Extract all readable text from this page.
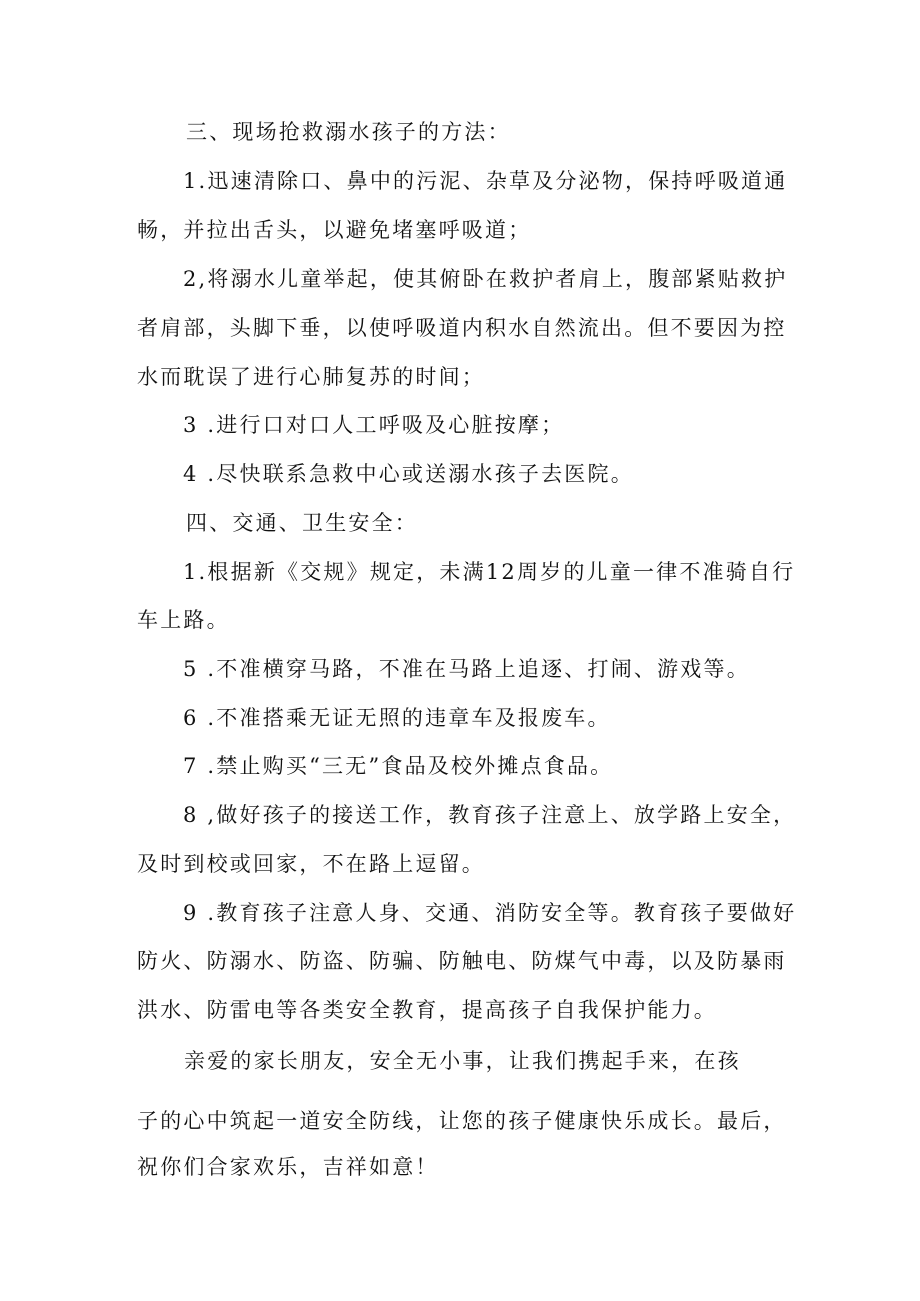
三、现场抢救溺水孩子的方法：
1.迅速清除口、鼻中的污泥、杂草及分泌物，保持呼吸道通
畅，并拉出舌头，以避免堵塞呼吸道；
2,将溺水儿童举起，使其俯卧在救护者肩上，腹部紧贴救护
者肩部，头脚下垂，以使呼吸道内积水自然流出。但不要因为控
水而耽误了进行心肺复苏的时间；
3 .进行口对口人工呼吸及心脏按摩；
4 .尽快联系急救中心或送溺水孩子去医院。
四、交通、卫生安全：
1.根据新《交规》规定，未满12周岁的儿童一律不准骑自行
车上路。
5 .不准横穿马路，不准在马路上追逐、打闹、游戏等。
6 .不准搭乘无证无照的违章车及报废车。
7 .禁止购买“三无”食品及校外摊点食品。
8 ,做好孩子的接送工作，教育孩子注意上、放学路上安全，
及时到校或回家，不在路上逗留。
9 .教育孩子注意人身、交通、消防安全等。教育孩子要做好
防火、防溺水、防盗、防骗、防触电、防煤气中毒，以及防暴雨
洪水、防雷电等各类安全教育，提高孩子自我保护能力。
亲爱的家长朋友，安全无小事，让我们携起手来，在孩
子的心中筑起一道安全防线，让您的孩子健康快乐成长。最后，
祝你们合家欢乐，吉祥如意！
